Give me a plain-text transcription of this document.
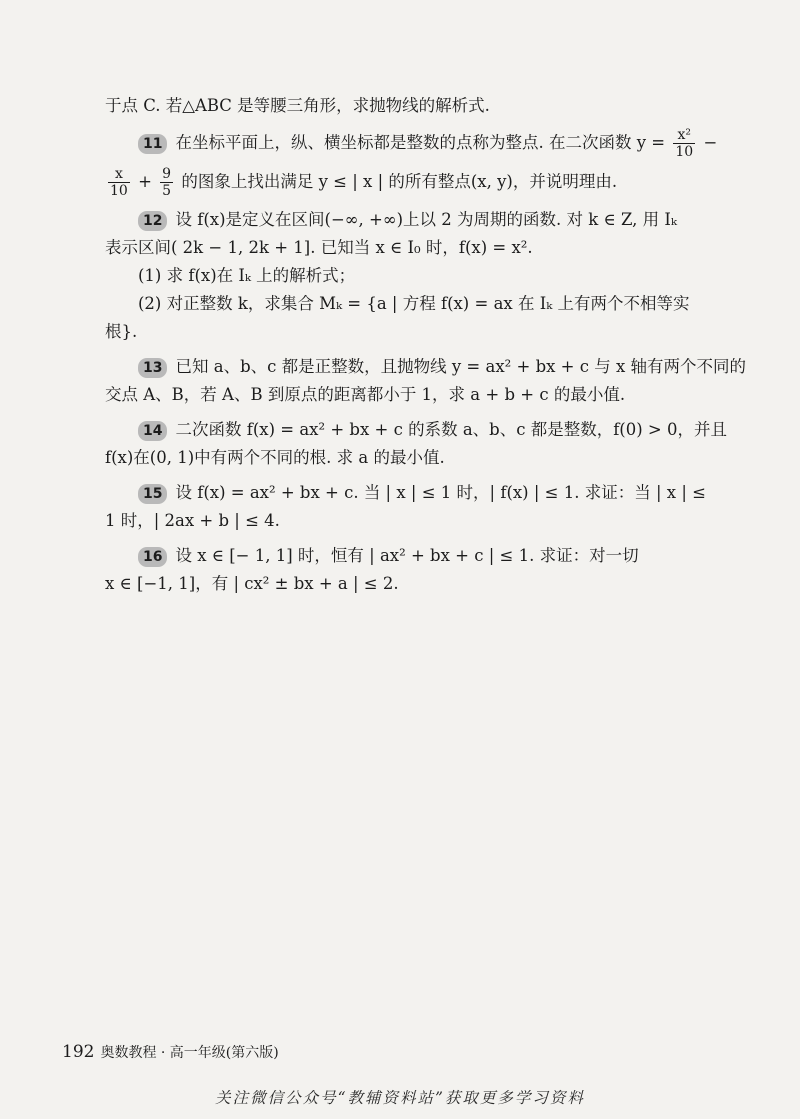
于点 C. 若△ABC 是等腰三角形，求抛物线的解析式.

11 在坐标平面上，纵、横坐标都是整数的点称为整点. 在二次函数 $y = \frac{\text{x²}}{10}$ −

$\frac{x}{10} + \frac{9}{5}$ 的图象上找出满足 y ≤ | x | 的所有整点(x, y)，并说明理由.

12 设 f(x)是定义在区间(−∞, +∞)上以 2 为周期的函数. 对 k ∈ Z, 用 Iₖ

表示区间( 2k − 1, 2k + 1]. 已知当 x ∈ I₀ 时，f(x) = x².

(1) 求 f(x)在 Iₖ 上的解析式；

(2) 对正整数 k，求集合 Mₖ = {a | 方程 f(x) = ax 在 Iₖ 上有两个不相等实

根}.

13 已知 a、b、c 都是正整数，且抛物线 y = ax² + bx + c 与 x 轴有两个不同的

交点 A、B，若 A、B 到原点的距离都小于 1，求 a + b + c 的最小值.

14 二次函数 f(x) = ax² + bx + c 的系数 a、b、c 都是整数，f(0) > 0，并且

f(x)在(0, 1)中有两个不同的根. 求 a 的最小值.

15 设 f(x) = ax² + bx + c. 当 | x | ≤ 1 时，| f(x) | ≤ 1. 求证：当 | x | ≤

1 时，| 2ax + b | ≤ 4.

16 设 x ∈ [− 1, 1] 时，恒有 | ax² + bx + c | ≤ 1. 求证：对一切

x ∈ [−1, 1]，有 | cx² ± bx + a | ≤ 2.

192 奥数教程 · 高一年级(第六版)
关注微信公众号“教辅资料站”获取更多学习资料
